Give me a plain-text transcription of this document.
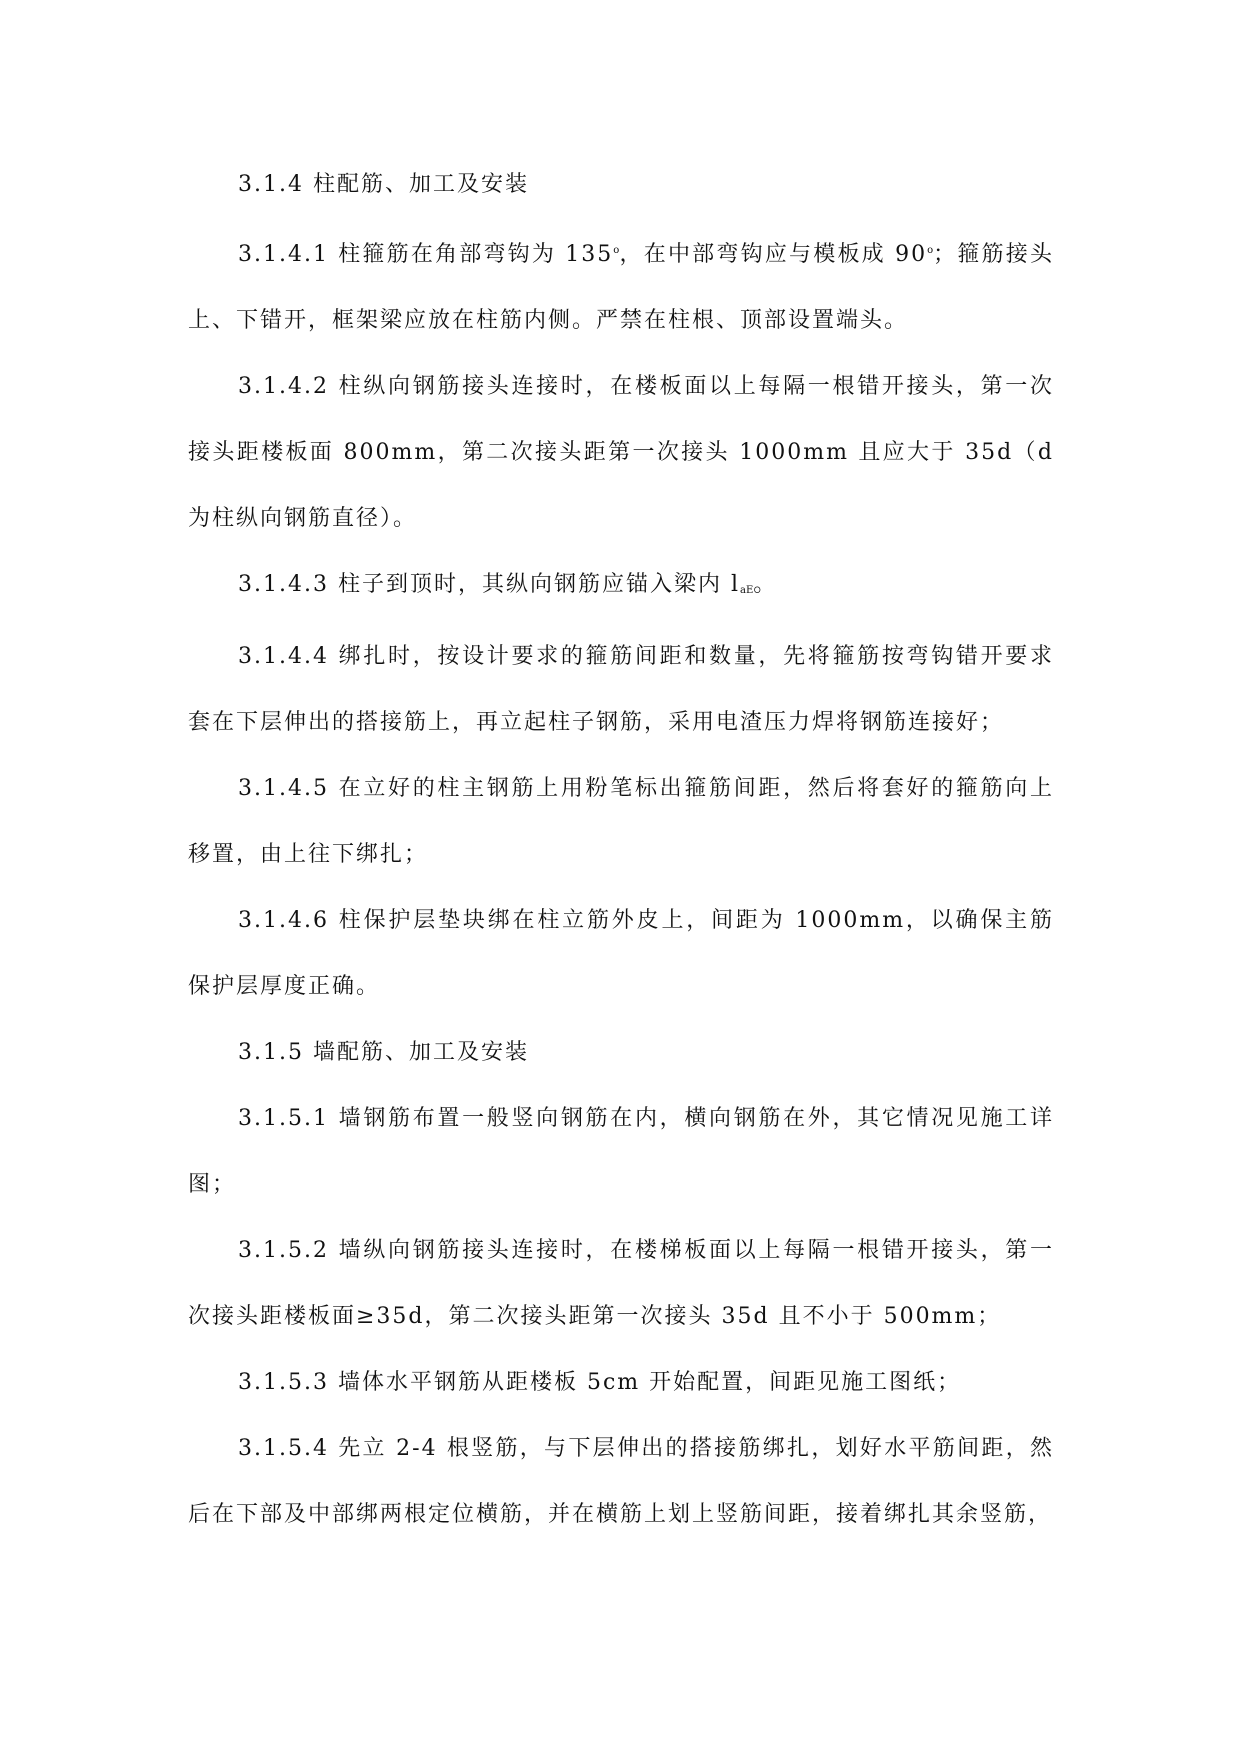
3.1.4 柱配筋、加工及安装

3.1.4.1 柱箍筋在角部弯钩为 135$^o$，在中部弯钩应与模板成 90$^o$；箍筋接头上、下错开，框架梁应放在柱筋内侧。严禁在柱根、顶部设置端头。

3.1.4.2 柱纵向钢筋接头连接时，在楼板面以上每隔一根错开接头，第一次接头距楼板面 800mm，第二次接头距第一次接头 1000mm 且应大于 35d（d 为柱纵向钢筋直径）。

3.1.4.3 柱子到顶时，其纵向钢筋应锚入梁内 $l_{aE}$。

3.1.4.4 绑扎时，按设计要求的箍筋间距和数量，先将箍筋按弯钩错开要求套在下层伸出的搭接筋上，再立起柱子钢筋，采用电渣压力焊将钢筋连接好；

3.1.4.5 在立好的柱主钢筋上用粉笔标出箍筋间距，然后将套好的箍筋向上移置，由上往下绑扎；

3.1.4.6 柱保护层垫块绑在柱立筋外皮上，间距为 1000mm，以确保主筋保护层厚度正确。

3.1.5 墙配筋、加工及安装

3.1.5.1 墙钢筋布置一般竖向钢筋在内，横向钢筋在外，其它情况见施工详图；

3.1.5.2 墙纵向钢筋接头连接时，在楼梯板面以上每隔一根错开接头，第一次接头距楼板面≥35d，第二次接头距第一次接头 35d 且不小于 500mm；

3.1.5.3 墙体水平钢筋从距楼板 5cm 开始配置，间距见施工图纸；

3.1.5.4 先立 2-4 根竖筋，与下层伸出的搭接筋绑扎，划好水平筋间距，然后在下部及中部绑两根定位横筋，并在横筋上划上竖筋间距，接着绑扎其余竖筋，
